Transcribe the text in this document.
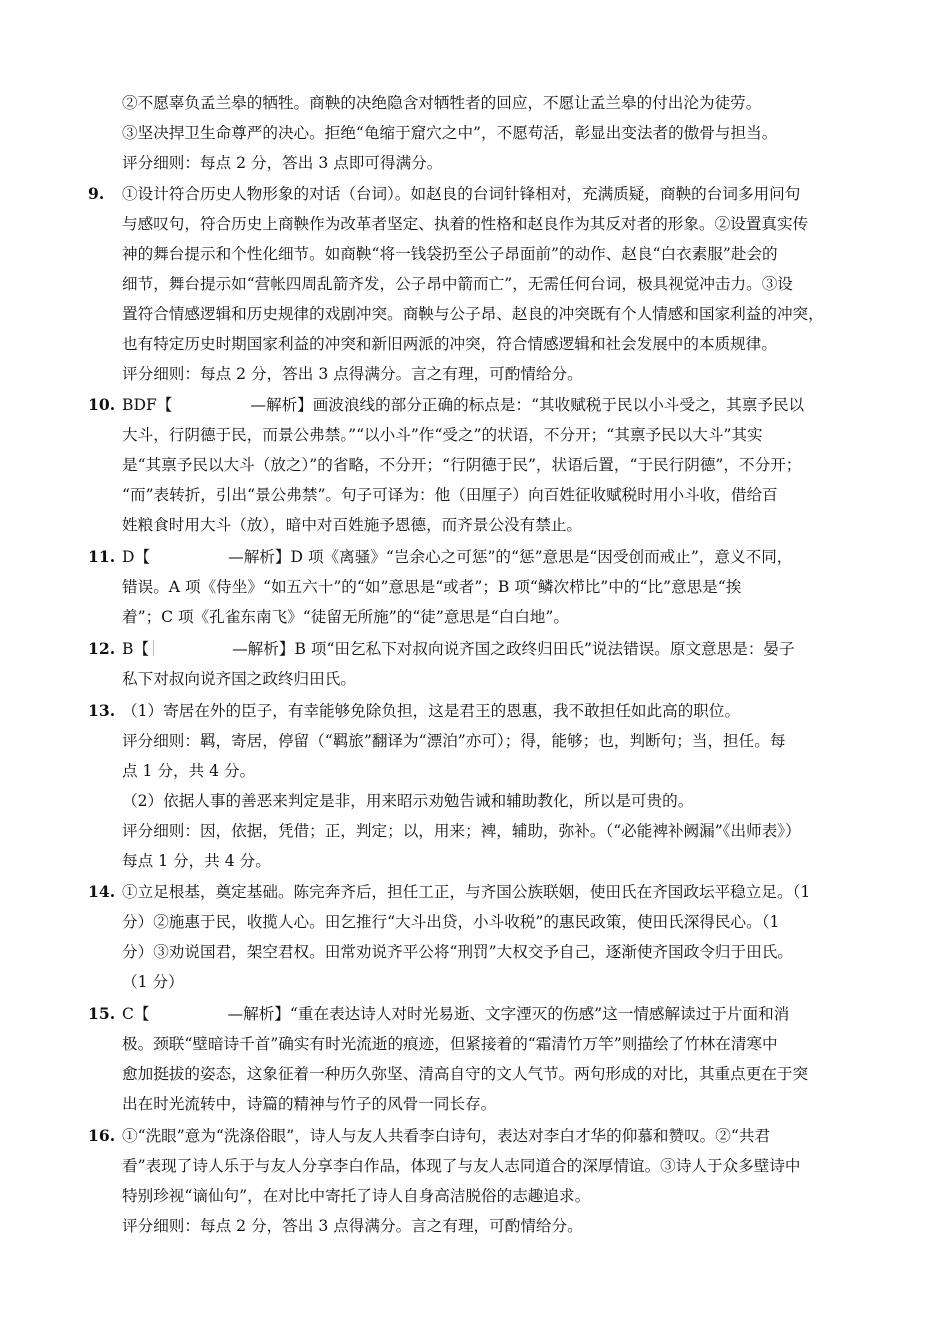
②不愿辜负孟兰皋的牺牲。商鞅的决绝隐含对牺牲者的回应，不愿让孟兰皋的付出沦为徒劳。
③坚决捍卫生命尊严的决心。拒绝“龟缩于窟穴之中”，不愿苟活，彰显出变法者的傲骨与担当。
评分细则：每点 2 分，答出 3 点即可得满分。
9. ①设计符合历史人物形象的对话（台词）。如赵良的台词针锋相对，充满质疑，商鞅的台词多用问句
与感叹句，符合历史上商鞅作为改革者坚定、执着的性格和赵良作为其反对者的形象。②设置真实传
神的舞台提示和个性化细节。如商鞅“将一钱袋扔至公子昂面前”的动作、赵良“白衣素服”赴会的
细节，舞台提示如“营帐四周乱箭齐发，公子昂中箭而亡”，无需任何台词，极具视觉冲击力。③设
置符合情感逻辑和历史规律的戏剧冲突。商鞅与公子昂、赵良的冲突既有个人情感和国家利益的冲突，
也有特定历史时期国家利益的冲突和新旧两派的冲突，符合情感逻辑和社会发展中的本质规律。
评分细则：每点 2 分，答出 3 点得满分。言之有理，可酌情给分。
10. BDF【	—解析】画波浪线的部分正确的标点是：“其收赋税于民以小斗受之，其禀予民以
大斗，行阴德于民，而景公弗禁。”“以小斗”作“受之”的状语，不分开；“其禀予民以大斗”其实
是“其禀予民以大斗（放之）”的省略，不分开；“行阴德于民”，状语后置，“于民行阴德”，不分开；
“而”表转折，引出“景公弗禁”。句子可译为：他（田厘子）向百姓征收赋税时用小斗收，借给百
姓粮食时用大斗（放），暗中对百姓施予恩德，而齐景公没有禁止。
11. D【	—解析】D 项《离骚》“岂余心之可惩”的“惩”意思是“因受创而戒止”，意义不同，
错误。A 项《侍坐》“如五六十”的“如”意思是“或者”；B 项“鳞次栉比”中的“比”意思是“挨
着”；C 项《孔雀东南飞》“徒留无所施”的“徒”意思是“白白地”。
12. B【	—解析】B 项“田乞私下对叔向说齐国之政终归田氏”说法错误。原文意思是：晏子
私下对叔向说齐国之政终归田氏。
13. （1）寄居在外的臣子，有幸能够免除负担，这是君王的恩惠，我不敢担任如此高的职位。
评分细则：羁，寄居，停留（“羁旅”翻译为“漂泊”亦可）；得，能够；也，判断句；当，担任。每
点 1 分，共 4 分。
（2）依据人事的善恶来判定是非，用来昭示劝勉告诫和辅助教化，所以是可贵的。
评分细则：因，依据，凭借；正，判定；以，用来；裨，辅助，弥补。（“必能裨补阙漏”《出师表》）
每点 1 分，共 4 分。
14. ①立足根基，奠定基础。陈完奔齐后，担任工正，与齐国公族联姻，使田氏在齐国政坛平稳立足。（1
分）②施惠于民，收揽人心。田乞推行“大斗出贷，小斗收税”的惠民政策，使田氏深得民心。（1
分）③劝说国君，架空君权。田常劝说齐平公将“刑罚”大权交予自己，逐渐使齐国政令归于田氏。
（1 分）
15. C【	—解析】“重在表达诗人对时光易逝、文字湮灭的伤感”这一情感解读过于片面和消
极。颈联“壁暗诗千首”确实有时光流逝的痕迹，但紧接着的“霜清竹万竿”则描绘了竹林在清寒中
愈加挺拔的姿态，这象征着一种历久弥坚、清高自守的文人气节。两句形成的对比，其重点更在于突
出在时光流转中，诗篇的精神与竹子的风骨一同长存。
16. ①“洗眼”意为“洗涤俗眼”，诗人与友人共看李白诗句，表达对李白才华的仰慕和赞叹。②“共君
看”表现了诗人乐于与友人分享李白作品，体现了与友人志同道合的深厚情谊。③诗人于众多壁诗中
特别珍视“谪仙句”，在对比中寄托了诗人自身高洁脱俗的志趣追求。
评分细则：每点 2 分，答出 3 点得满分。言之有理，可酌情给分。
